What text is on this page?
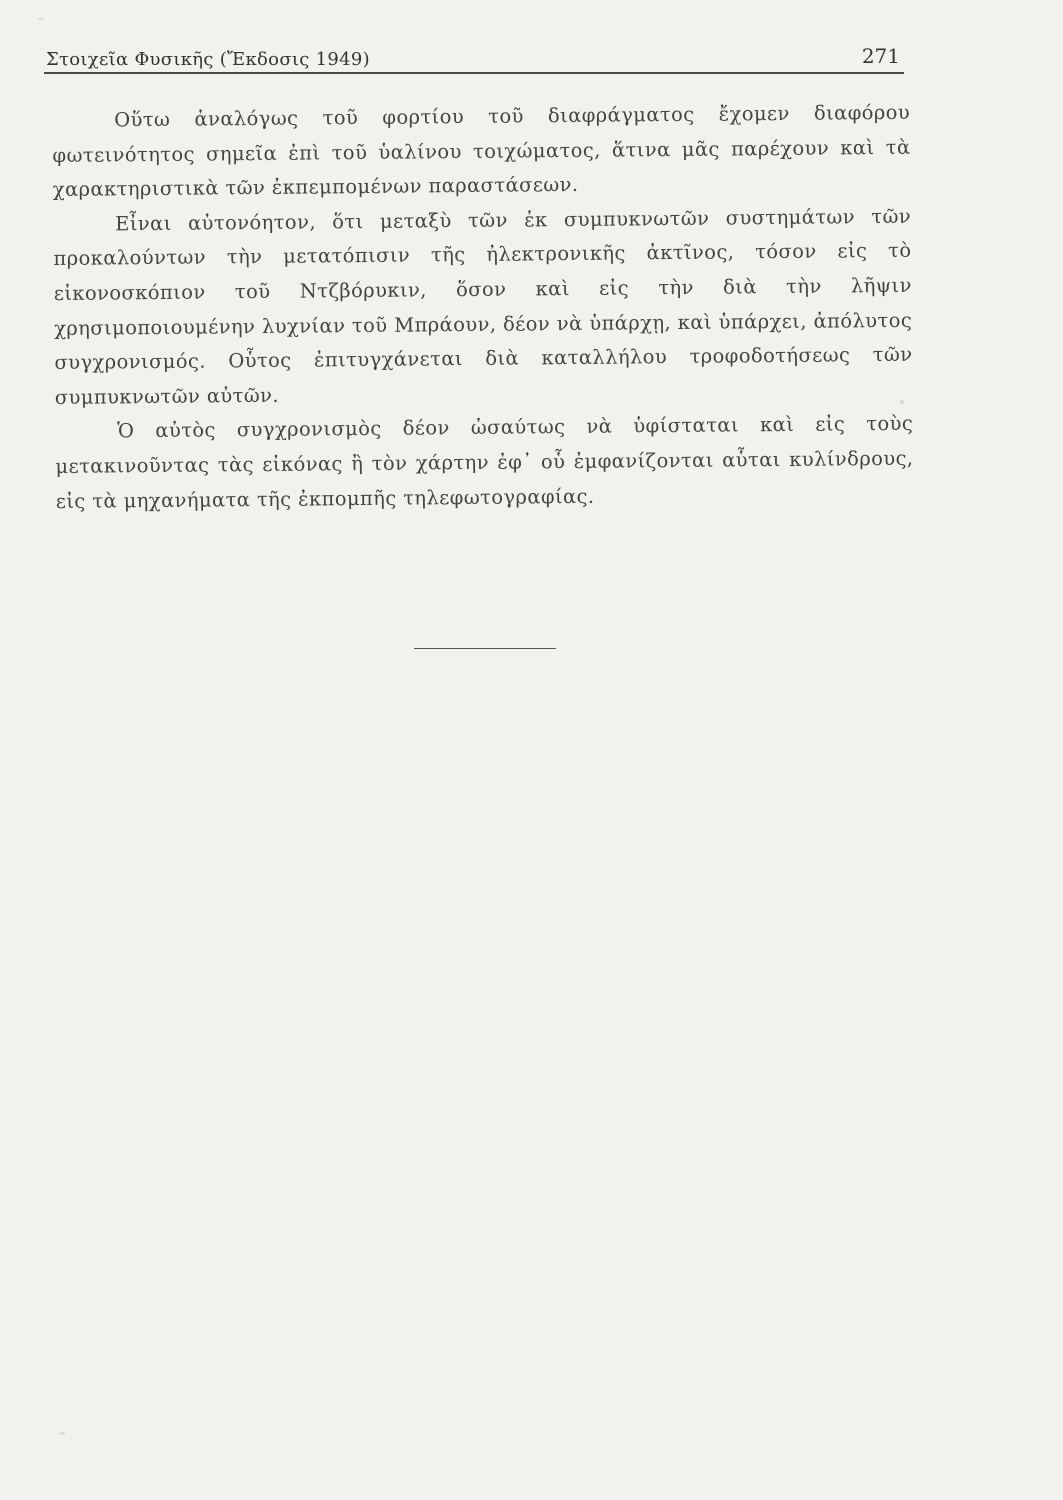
Στοιχεῖα Φυσικῆς (Ἔκδοσις 1949)	271

Οὕτω ἀναλόγως τοῦ φορτίου τοῦ διαφράγματος ἔχομεν διαφόρου φωτεινότητος σημεῖα ἐπὶ τοῦ ὑαλίνου τοιχώματος, ἅτινα μᾶς παρέχουν καὶ τὰ χαρακτηριστικὰ τῶν ἐκπεμπομένων παραστάσεων.

Εἶναι αὐτονόητον, ὅτι μεταξὺ τῶν ἐκ συμπυκνωτῶν συστημάτων τῶν προκαλούντων τὴν μετατόπισιν τῆς ἠλεκτρονικῆς ἀκτῖνος, τόσον εἰς τὸ εἰκονοσκόπιον τοῦ Ντζβόρυκιν, ὅσον καὶ εἰς τὴν διὰ τὴν λῆψιν χρησιμοποιουμένην λυχνίαν τοῦ Μπράουν, δέον νὰ ὑπάρχῃ, καὶ ὑπάρχει, ἀπόλυτος συγχρονισμός. Οὗτος ἐπιτυγχάνεται διὰ καταλλήλου τροφοδοτήσεως τῶν συμπυκνωτῶν αὐτῶν.

Ὁ αὐτὸς συγχρονισμὸς δέον ὡσαύτως νὰ ὑφίσταται καὶ εἰς τοὺς μετακινοῦντας τὰς εἰκόνας ἢ τὸν χάρτην ἐφ᾽ οὗ ἐμφανίζονται αὗται κυλίνδρους, εἰς τὰ μηχανήματα τῆς ἐκπομπῆς τηλεφωτογραφίας.
